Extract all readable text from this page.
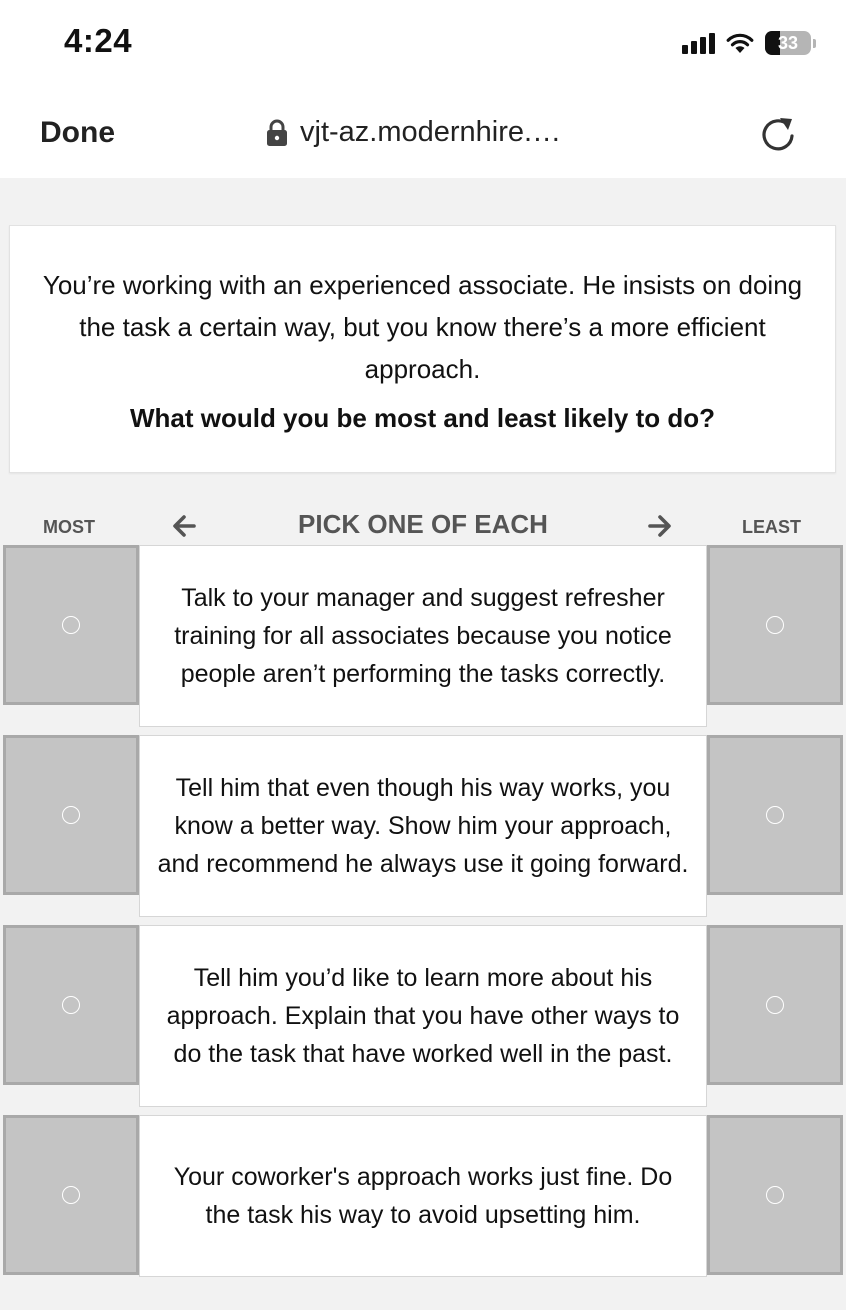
4:24	33
Done	vjt-az.modernhire.…
You’re working with an experienced associate. He insists on doing the task a certain way, but you know there’s a more efficient approach.
What would you be most and least likely to do?
MOST	PICK ONE OF EACH	LEAST
Talk to your manager and suggest refresher training for all associates because you notice people aren’t performing the tasks correctly.
Tell him that even though his way works, you know a better way. Show him your approach, and recommend he always use it going forward.
Tell him you’d like to learn more about his approach. Explain that you have other ways to do the task that have worked well in the past.
Your coworker's approach works just fine. Do the task his way to avoid upsetting him.
